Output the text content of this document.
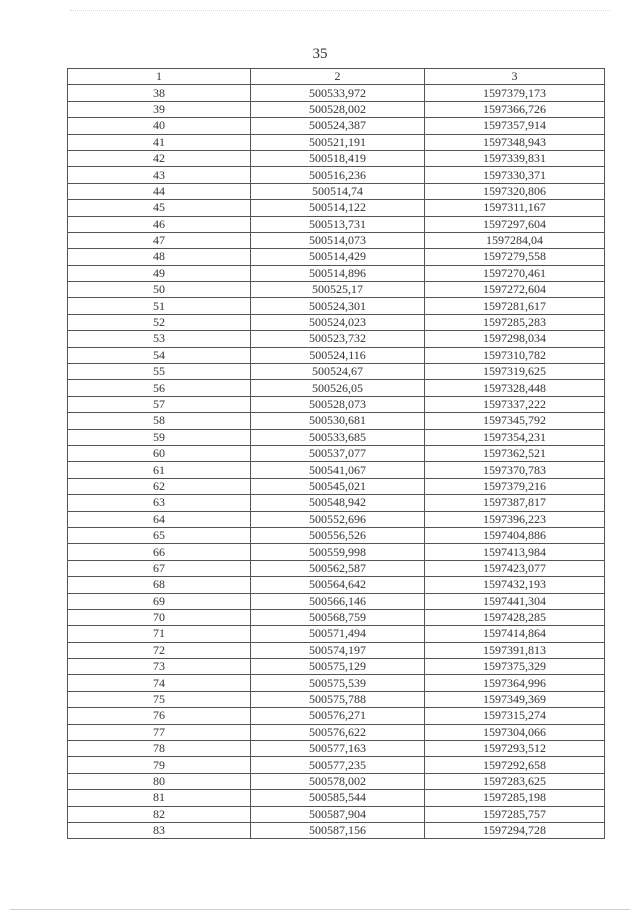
35
1	2	3
38	500533,972	1597379,173
39	500528,002	1597366,726
40	500524,387	1597357,914
41	500521,191	1597348,943
42	500518,419	1597339,831
43	500516,236	1597330,371
44	500514,74	1597320,806
45	500514,122	1597311,167
46	500513,731	1597297,604
47	500514,073	1597284,04
48	500514,429	1597279,558
49	500514,896	1597270,461
50	500525,17	1597272,604
51	500524,301	1597281,617
52	500524,023	1597285,283
53	500523,732	1597298,034
54	500524,116	1597310,782
55	500524,67	1597319,625
56	500526,05	1597328,448
57	500528,073	1597337,222
58	500530,681	1597345,792
59	500533,685	1597354,231
60	500537,077	1597362,521
61	500541,067	1597370,783
62	500545,021	1597379,216
63	500548,942	1597387,817
64	500552,696	1597396,223
65	500556,526	1597404,886
66	500559,998	1597413,984
67	500562,587	1597423,077
68	500564,642	1597432,193
69	500566,146	1597441,304
70	500568,759	1597428,285
71	500571,494	1597414,864
72	500574,197	1597391,813
73	500575,129	1597375,329
74	500575,539	1597364,996
75	500575,788	1597349,369
76	500576,271	1597315,274
77	500576,622	1597304,066
78	500577,163	1597293,512
79	500577,235	1597292,658
80	500578,002	1597283,625
81	500585,544	1597285,198
82	500587,904	1597285,757
83	500587,156	1597294,728
